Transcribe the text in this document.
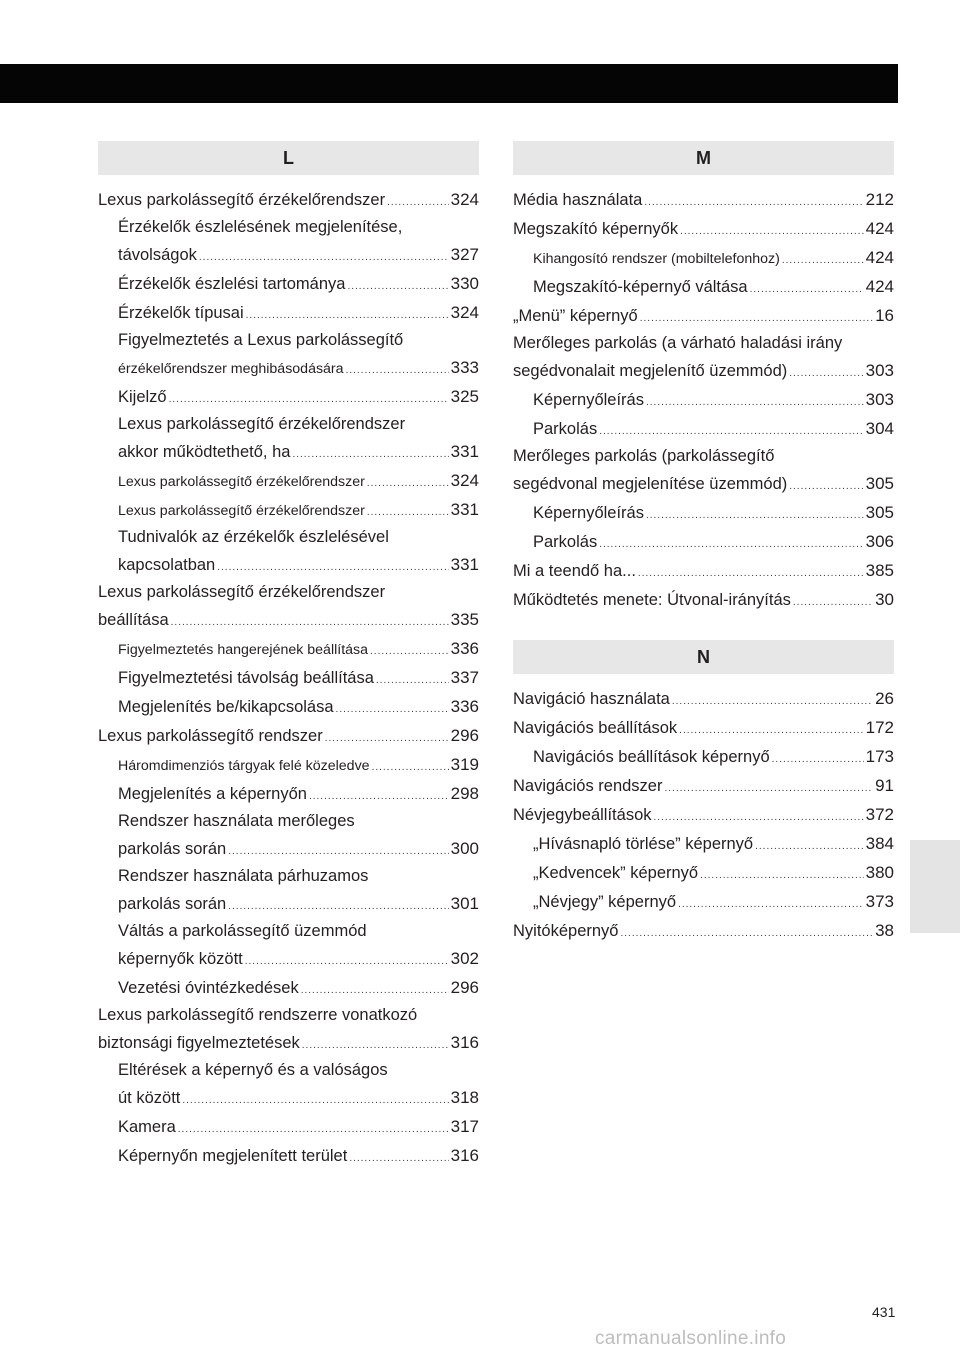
L
Lexus parkolássegítő érzékelőrendszer .....	324
Érzékelők észlelésének megjelenítése,
távolságok .....	327
Érzékelők észlelési tartománya .....	330
Érzékelők típusai .....	324
Figyelmeztetés a Lexus parkolássegítő
érzékelőrendszer meghibásodására .....	333
Kijelző .....	325
Lexus parkolássegítő érzékelőrendszer
akkor működtethető, ha .....	331
Lexus parkolássegítő érzékelőrendszer .....	324
Lexus parkolássegítő érzékelőrendszer .....	331
Tudnivalók az érzékelők észlelésével
kapcsolatban .....	331
Lexus parkolássegítő érzékelőrendszer
beállítása .....	335
Figyelmeztetés hangerejének beállítása .....	336
Figyelmeztetési távolság beállítása .....	337
Megjelenítés be/kikapcsolása .....	336
Lexus parkolássegítő rendszer .....	296
Háromdimenziós tárgyak felé közeledve .....	319
Megjelenítés a képernyőn .....	298
Rendszer használata merőleges
parkolás során .....	300
Rendszer használata párhuzamos
parkolás során .....	301
Váltás a parkolássegítő üzemmód
képernyők között .....	302
Vezetési óvintézkedések .....	296
Lexus parkolássegítő rendszerre vonatkozó
biztonsági figyelmeztetések .....	316
Eltérések a képernyő és a valóságos
út között .....	318
Kamera .....	317
Képernyőn megjelenített terület .....	316
M
Média használata .....	212
Megszakító képernyők .....	424
Kihangosító rendszer (mobiltelefonhoz) .....	424
Megszakító-képernyő váltása .....	424
„Menü” képernyő .....	16
Merőleges parkolás (a várható haladási irány
segédvonalait megjelenítő üzemmód) .....	303
Képernyőleírás .....	303
Parkolás .....	304
Merőleges parkolás (parkolássegítő
segédvonal megjelenítése üzemmód) .....	305
Képernyőleírás .....	305
Parkolás .....	306
Mi a teendő ha... .....	385
Működtetés menete: Útvonal-irányítás .....	30
N
Navigáció használata .....	26
Navigációs beállítások .....	172
Navigációs beállítások képernyő .....	173
Navigációs rendszer .....	91
Névjegybeállítások .....	372
„Hívásnapló törlése” képernyő .....	384
„Kedvencek” képernyő .....	380
„Névjegy” képernyő .....	373
Nyitóképernyő .....	38
431
carmanualsonline.info
